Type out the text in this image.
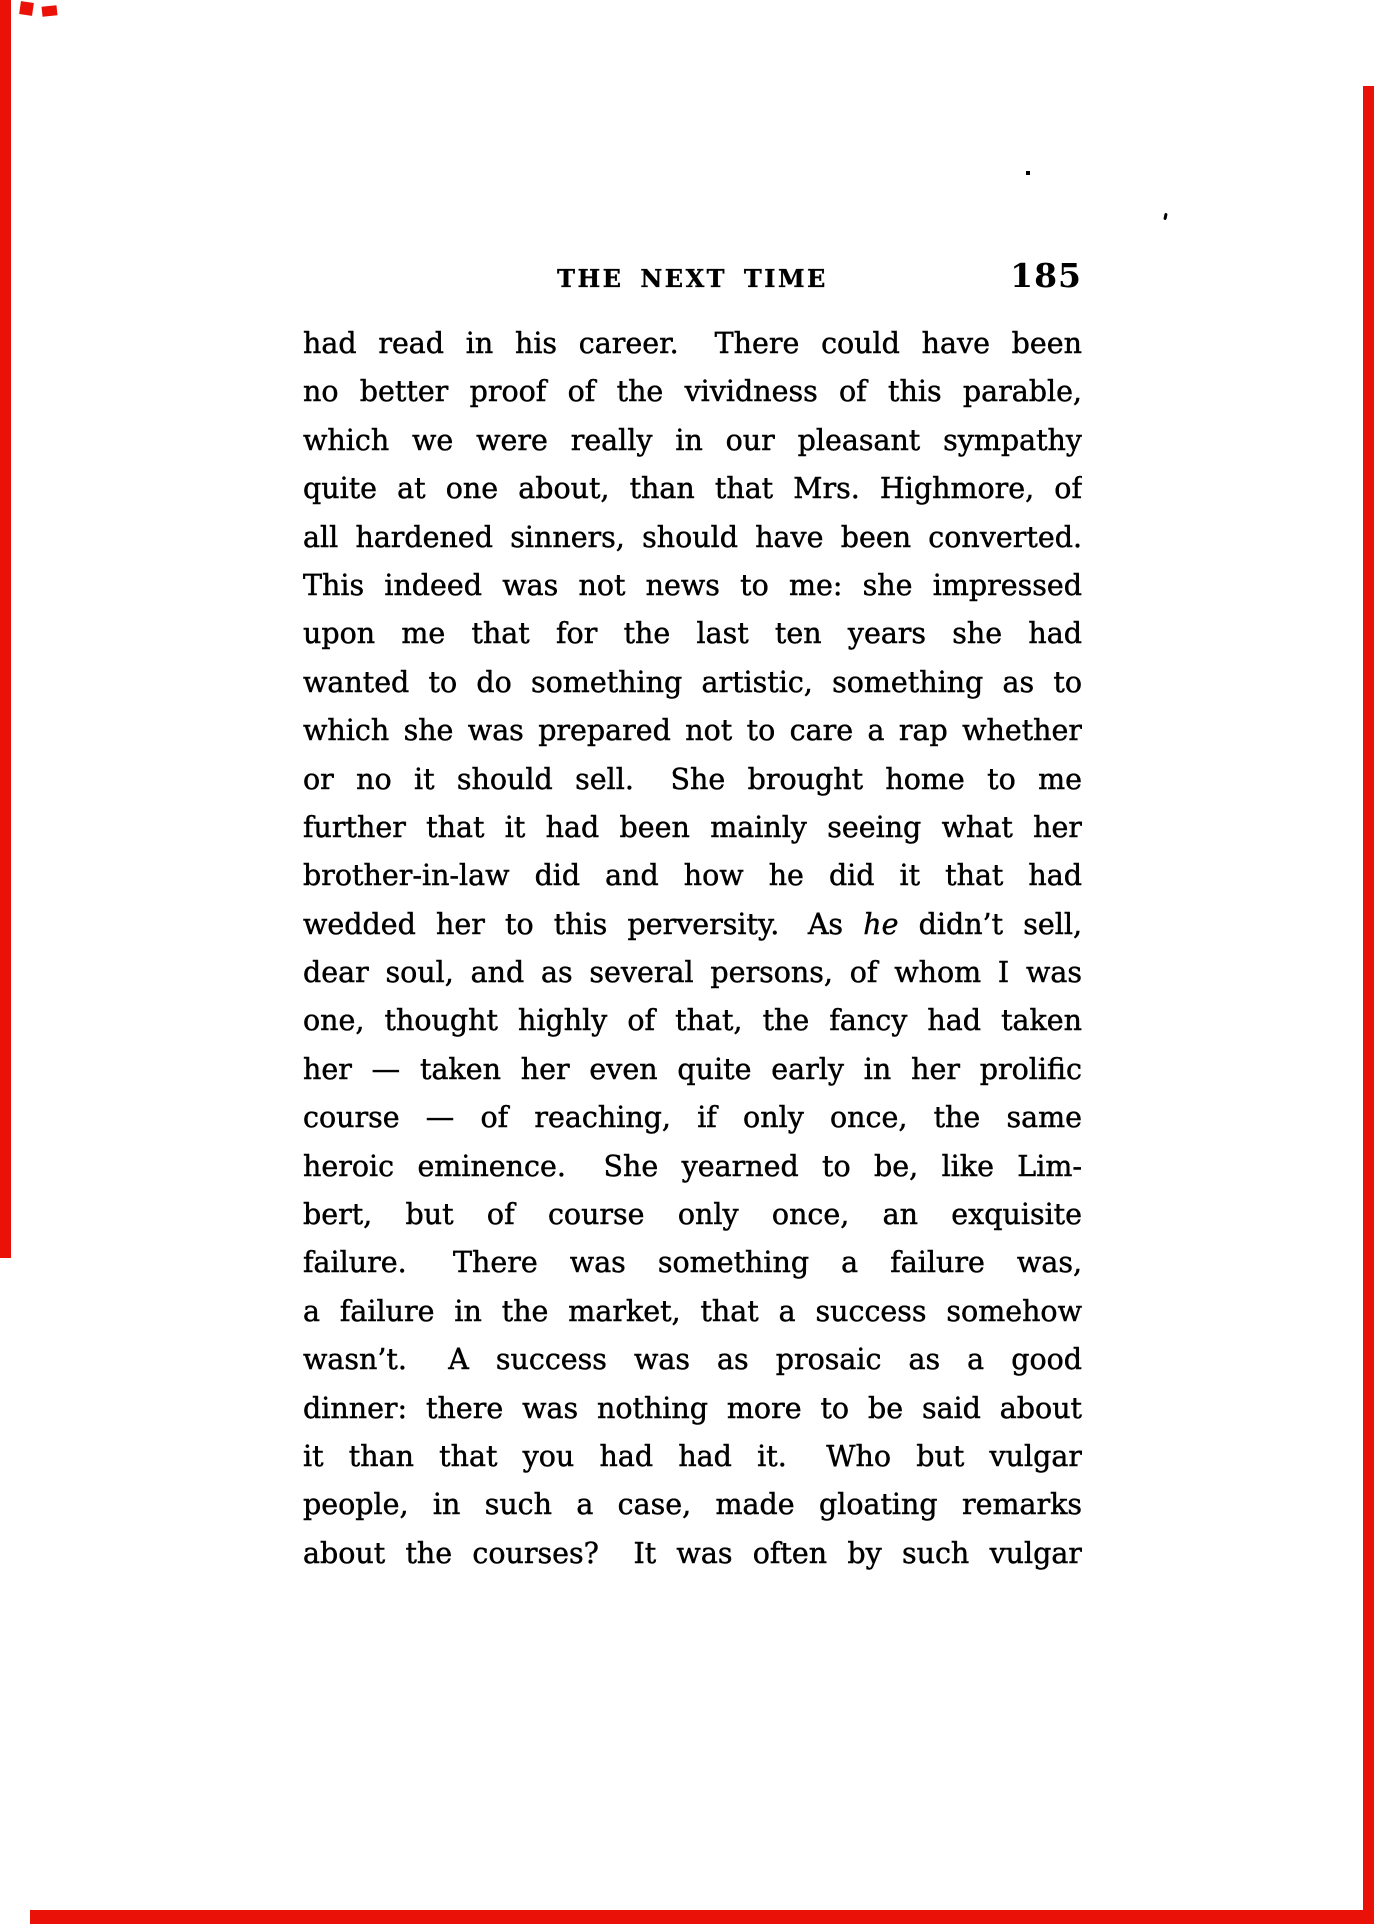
THE NEXT TIME	185
had read in his career.  There could have been
no better proof of the vividness of this parable,
which we were really in our pleasant sympathy
quite at one about, than that Mrs. Highmore, of
all hardened sinners, should have been converted.
This indeed was not news to me: she impressed
upon me that for the last ten years she had
wanted to do something artistic, something as to
which she was prepared not to care a rap whether
or no it should sell.  She brought home to me
further that it had been mainly seeing what her
brother-in-law did and how he did it that had
wedded her to this perversity.  As he didn’t sell,
dear soul, and as several persons, of whom I was
one, thought highly of that, the fancy had taken
her — taken her even quite early in her prolific
course — of reaching, if only once, the same
heroic eminence.  She yearned to be, like Lim-
bert, but of course only once, an exquisite
failure.  There was something a failure was,
a failure in the market, that a success somehow
wasn’t.  A success was as prosaic as a good
dinner: there was nothing more to be said about
it than that you had had it.  Who but vulgar
people, in such a case, made gloating remarks
about the courses?  It was often by such vulgar
